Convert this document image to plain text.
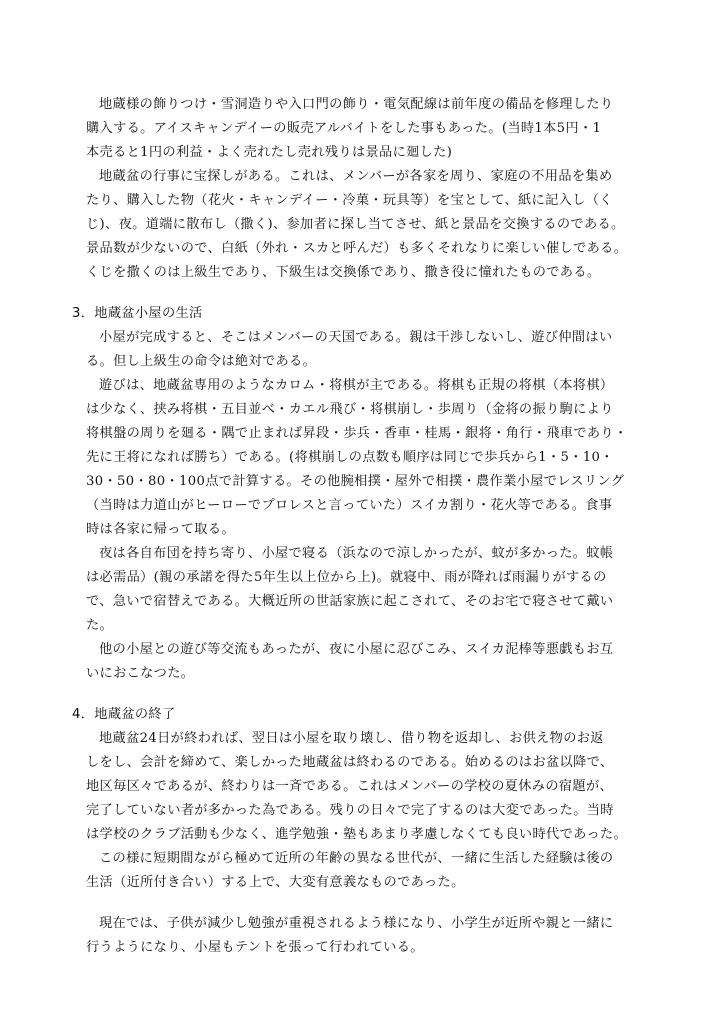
地蔵様の飾りつけ・雪洞造りや入口門の飾り・電気配線は前年度の備品を修理したり
購入する。アイスキャンデイーの販売アルバイトをした事もあった。(当時1本5円・1
本売ると1円の利益・よく売れたし売れ残りは景品に廻した)
地蔵盆の行事に宝探しがある。これは、メンバーが各家を周り、家庭の不用品を集め
たり、購入した物（花火・キャンデイー・冷菓・玩具等）を宝として、紙に記入し（く
じ)、夜。道端に散布し（撒く)、参加者に探し当てさせ、紙と景品を交換するのである。
景品数が少ないので、白紙（外れ・スカと呼んだ）も多くそれなりに楽しい催しである。
くじを撒くのは上級生であり、下級生は交換係であり、撒き役に憧れたものである。
3．地蔵盆小屋の生活
小屋が完成すると、そこはメンバーの天国である。親は干渉しないし、遊び仲間はい
る。但し上級生の命令は絶対である。
遊びは、地蔵盆専用のようなカロム・将棋が主である。将棋も正規の将棋（本将棋）
は少なく、挟み将棋・五目並べ・カエル飛び・将棋崩し・歩周り（金将の振り駒により
将棋盤の周りを廻る・隅で止まれば昇段・歩兵・香車・桂馬・銀将・角行・飛車であり・
先に王将になれば勝ち）である。(将棋崩しの点数も順序は同じで歩兵から1・5・10・
30・50・80・100点で計算する。その他腕相撲・屋外で相撲・農作業小屋でレスリング
（当時は力道山がヒーローでプロレスと言っていた）スイカ割り・花火等である。食事
時は各家に帰って取る。
夜は各自布団を持ち寄り、小屋で寝る（浜なので涼しかったが、蚊が多かった。蚊帳
は必需品）(親の承諾を得た5年生以上位から上)。就寝中、雨が降れば雨漏りがするの
で、急いで宿替えである。大概近所の世話家族に起こされて、そのお宅で寝させて戴い
た。
他の小屋との遊び等交流もあったが、夜に小屋に忍びこみ、スイカ泥棒等悪戯もお互
いにおこなつた。
4．地蔵盆の終了
地蔵盆24日が終われば、翌日は小屋を取り壊し、借り物を返却し、お供え物のお返
しをし、会計を締めて、楽しかった地蔵盆は終わるのである。始めるのはお盆以降で、
地区毎区々であるが、終わりは一斉である。これはメンバーの学校の夏休みの宿題が、
完了していない者が多かった為である。残りの日々で完了するのは大変であった。当時
は学校のクラブ活動も少なく、進学勉強・塾もあまり孝慮しなくても良い時代であった。
この様に短期間ながら極めて近所の年齢の異なる世代が、一緒に生活した経験は後の
生活（近所付き合い）する上で、大変有意義なものであった。
現在では、子供が減少し勉強が重視されるよう様になり、小学生が近所や親と一緒に
行うようになり、小屋もテントを張って行われている。
